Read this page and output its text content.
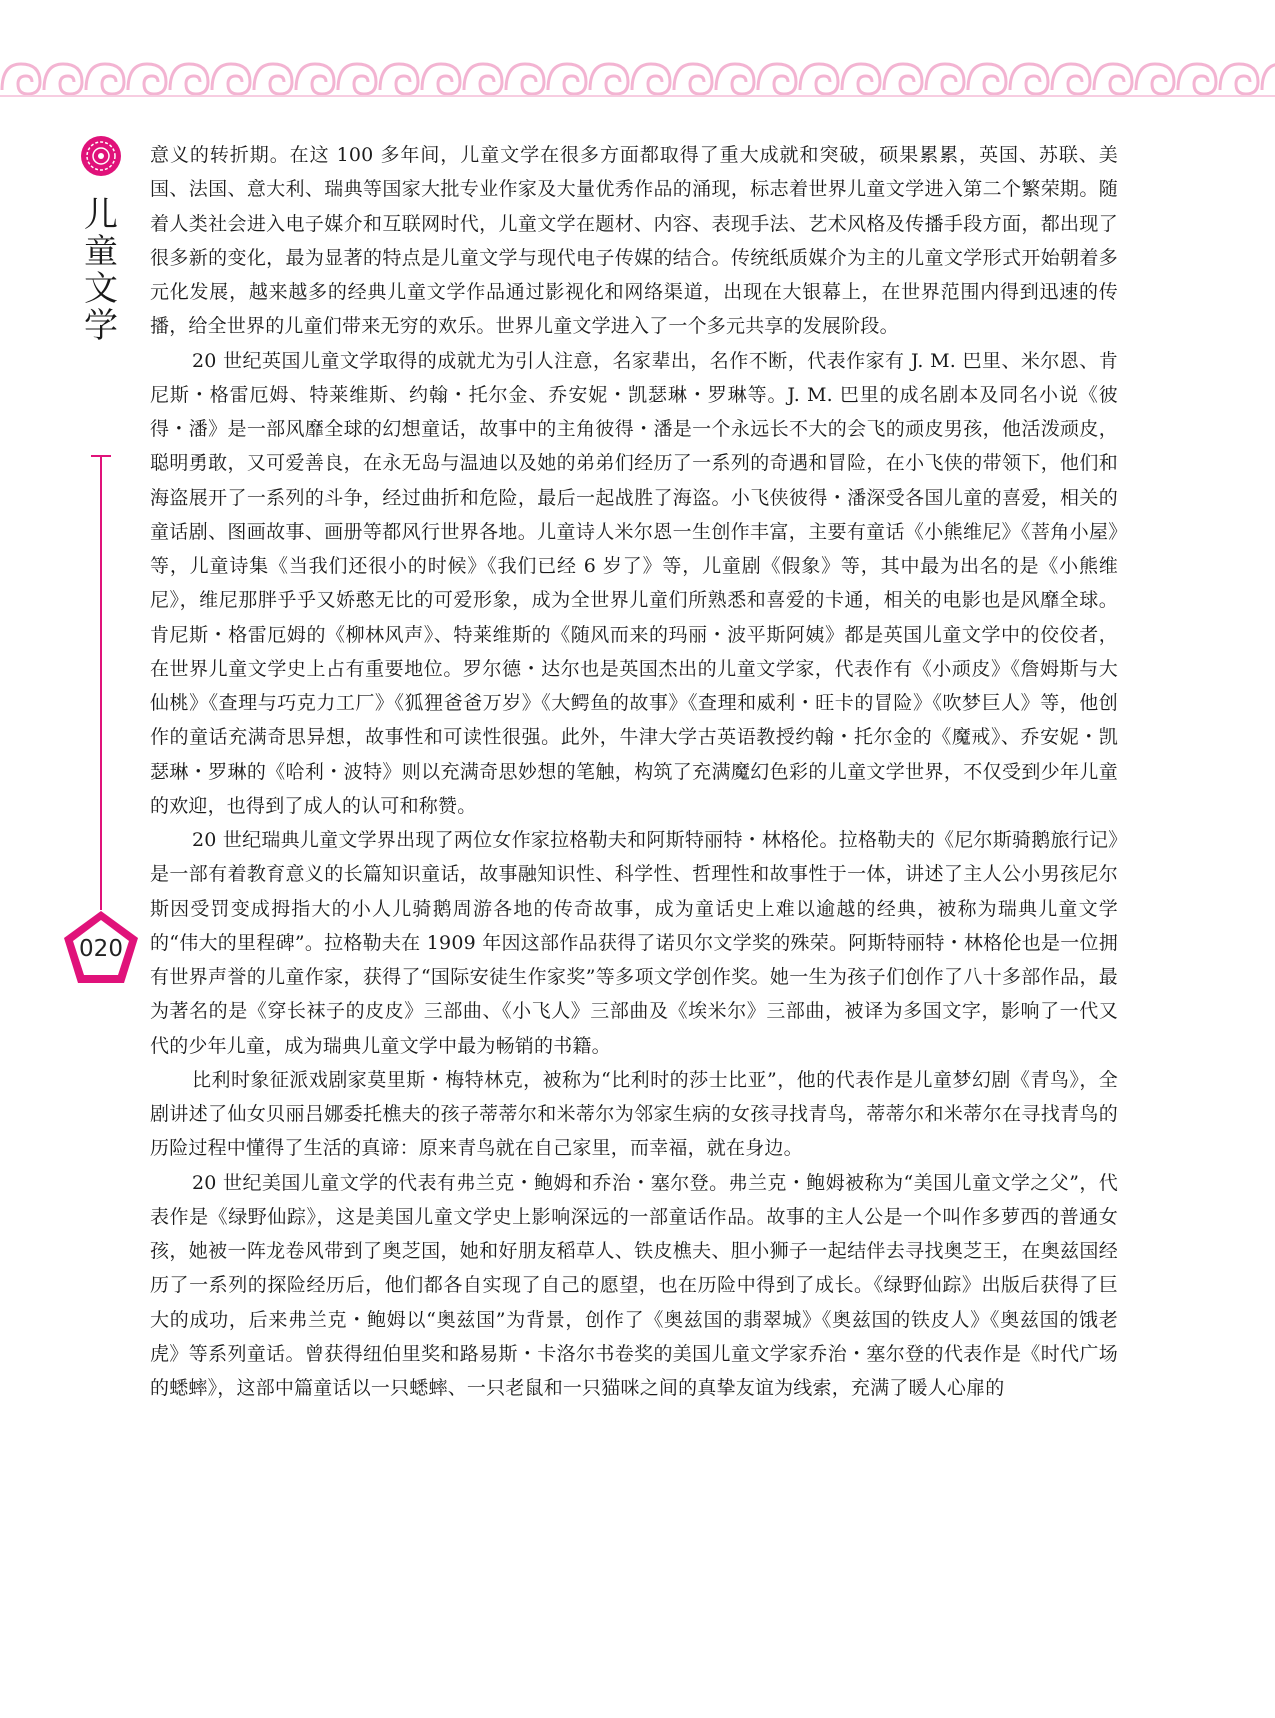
儿童文学
020

意义的转折期。在这 100 多年间，儿童文学在很多方面都取得了重大成就和突破，硕果累累，英国、苏联、美国、法国、意大利、瑞典等国家大批专业作家及大量优秀作品的涌现，标志着世界儿童文学进入第二个繁荣期。随着人类社会进入电子媒介和互联网时代，儿童文学在题材、内容、表现手法、艺术风格及传播手段方面，都出现了很多新的变化，最为显著的特点是儿童文学与现代电子传媒的结合。传统纸质媒介为主的儿童文学形式开始朝着多元化发展，越来越多的经典儿童文学作品通过影视化和网络渠道，出现在大银幕上，在世界范围内得到迅速的传播，给全世界的儿童们带来无穷的欢乐。世界儿童文学进入了一个多元共享的发展阶段。

20 世纪英国儿童文学取得的成就尤为引人注意，名家辈出，名作不断，代表作家有 J. M. 巴里、米尔恩、肯尼斯・格雷厄姆、特莱维斯、约翰・托尔金、乔安妮・凯瑟琳・罗琳等。J. M. 巴里的成名剧本及同名小说《彼得・潘》是一部风靡全球的幻想童话，故事中的主角彼得・潘是一个永远长不大的会飞的顽皮男孩，他活泼顽皮，聪明勇敢，又可爱善良，在永无岛与温迪以及她的弟弟们经历了一系列的奇遇和冒险，在小飞侠的带领下，他们和海盗展开了一系列的斗争，经过曲折和危险，最后一起战胜了海盗。小飞侠彼得・潘深受各国儿童的喜爱，相关的童话剧、图画故事、画册等都风行世界各地。儿童诗人米尔恩一生创作丰富，主要有童话《小熊维尼》《菩角小屋》等，儿童诗集《当我们还很小的时候》《我们已经 6 岁了》等，儿童剧《假象》等，其中最为出名的是《小熊维尼》，维尼那胖乎乎又娇憨无比的可爱形象，成为全世界儿童们所熟悉和喜爱的卡通，相关的电影也是风靡全球。肯尼斯・格雷厄姆的《柳林风声》、特莱维斯的《随风而来的玛丽・波平斯阿姨》都是英国儿童文学中的佼佼者，在世界儿童文学史上占有重要地位。罗尔德・达尔也是英国杰出的儿童文学家，代表作有《小顽皮》《詹姆斯与大仙桃》《查理与巧克力工厂》《狐狸爸爸万岁》《大鳄鱼的故事》《查理和威利・旺卡的冒险》《吹梦巨人》等，他创作的童话充满奇思异想，故事性和可读性很强。此外，牛津大学古英语教授约翰・托尔金的《魔戒》、乔安妮・凯瑟琳・罗琳的《哈利・波特》则以充满奇思妙想的笔触，构筑了充满魔幻色彩的儿童文学世界，不仅受到少年儿童的欢迎，也得到了成人的认可和称赞。

20 世纪瑞典儿童文学界出现了两位女作家拉格勒夫和阿斯特丽特・林格伦。拉格勒夫的《尼尔斯骑鹅旅行记》是一部有着教育意义的长篇知识童话，故事融知识性、科学性、哲理性和故事性于一体，讲述了主人公小男孩尼尔斯因受罚变成拇指大的小人儿骑鹅周游各地的传奇故事，成为童话史上难以逾越的经典，被称为瑞典儿童文学的“伟大的里程碑”。拉格勒夫在 1909 年因这部作品获得了诺贝尔文学奖的殊荣。阿斯特丽特・林格伦也是一位拥有世界声誉的儿童作家，获得了“国际安徒生作家奖”等多项文学创作奖。她一生为孩子们创作了八十多部作品，最为著名的是《穿长袜子的皮皮》三部曲、《小飞人》三部曲及《埃米尔》三部曲，被译为多国文字，影响了一代又代的少年儿童，成为瑞典儿童文学中最为畅销的书籍。

比利时象征派戏剧家莫里斯・梅特林克，被称为“比利时的莎士比亚”，他的代表作是儿童梦幻剧《青鸟》，全剧讲述了仙女贝丽吕娜委托樵夫的孩子蒂蒂尔和米蒂尔为邻家生病的女孩寻找青鸟，蒂蒂尔和米蒂尔在寻找青鸟的历险过程中懂得了生活的真谛：原来青鸟就在自己家里，而幸福，就在身边。

20 世纪美国儿童文学的代表有弗兰克・鲍姆和乔治・塞尔登。弗兰克・鲍姆被称为“美国儿童文学之父”，代表作是《绿野仙踪》，这是美国儿童文学史上影响深远的一部童话作品。故事的主人公是一个叫作多萝西的普通女孩，她被一阵龙卷风带到了奥芝国，她和好朋友稻草人、铁皮樵夫、胆小狮子一起结伴去寻找奥芝王，在奥兹国经历了一系列的探险经历后，他们都各自实现了自己的愿望，也在历险中得到了成长。《绿野仙踪》出版后获得了巨大的成功，后来弗兰克・鲍姆以“奥兹国”为背景，创作了《奥兹国的翡翠城》《奥兹国的铁皮人》《奥兹国的饿老虎》等系列童话。曾获得纽伯里奖和路易斯・卡洛尔书卷奖的美国儿童文学家乔治・塞尔登的代表作是《时代广场的蟋蟀》，这部中篇童话以一只蟋蟀、一只老鼠和一只猫咪之间的真挚友谊为线索，充满了暖人心扉的
